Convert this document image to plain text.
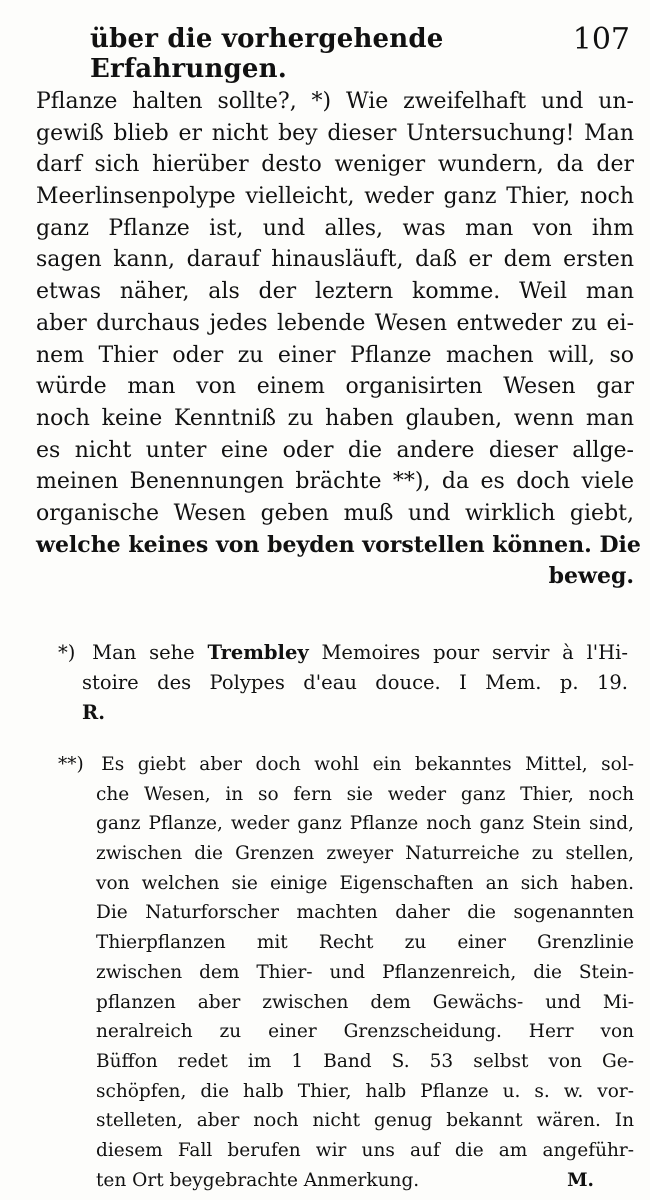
über die vorhergehende Erfahrungen.
107
Pflanze halten sollte?, *) Wie zweifelhaft und un-
gewiß blieb er nicht bey dieser Untersuchung! Man
darf sich hierüber desto weniger wundern, da der
Meerlinsenpolype vielleicht, weder ganz Thier, noch
ganz Pflanze ist, und alles, was man von ihm
sagen kann, darauf hinausläuft, daß er dem ersten
etwas näher, als der leztern komme. Weil man
aber durchaus jedes lebende Wesen entweder zu ei-
nem Thier oder zu einer Pflanze machen will, so
würde man von einem organisirten Wesen gar
noch keine Kenntniß zu haben glauben, wenn man
es nicht unter eine oder die andere dieser allge-
meinen Benennungen brächte **), da es doch viele
organische Wesen geben muß und wirklich giebt,
welche keines von beyden vorstellen können. Die
beweg.
*) Man sehe Trembley Memoires pour servir à l'Hi-
stoire des Polypes d'eau douce. I Mem. p. 19.
R.
**) Es giebt aber doch wohl ein bekanntes Mittel, sol-
che Wesen, in so fern sie weder ganz Thier, noch
ganz Pflanze, weder ganz Pflanze noch ganz Stein sind,
zwischen die Grenzen zweyer Naturreiche zu stellen,
von welchen sie einige Eigenschaften an sich haben.
Die Naturforscher machten daher die sogenannten
Thierpflanzen mit Recht zu einer Grenzlinie
zwischen dem Thier- und Pflanzenreich, die Stein-
pflanzen aber zwischen dem Gewächs- und Mi-
neralreich zu einer Grenzscheidung. Herr von
Büffon redet im 1 Band S. 53 selbst von Ge-
schöpfen, die halb Thier, halb Pflanze u. s. w. vor-
stelleten, aber noch nicht genug bekannt wären. In
diesem Fall berufen wir uns auf die am angeführ-
ten Ort beygebrachte Anmerkung.	M.
